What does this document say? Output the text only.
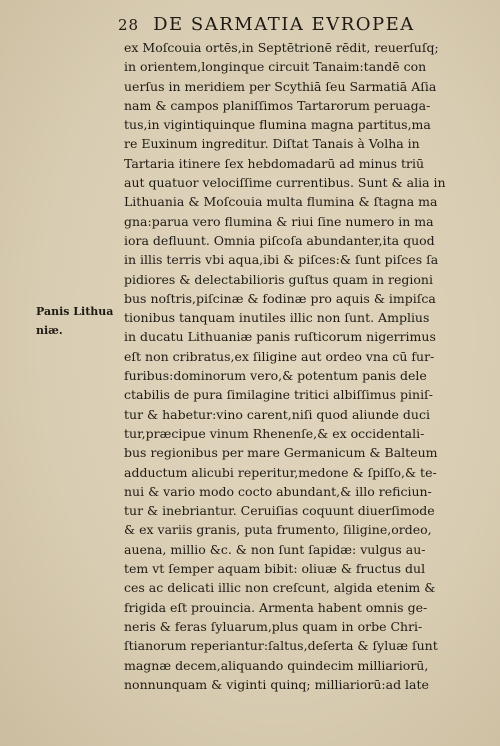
28 DE SARMATIA EVROPEA
Panis Lithua
niæ.
ex Moſcouia ortēs,in Septētrionē rēdit, reuerſuſq;
in orientem,longinque circuit Tanaim:tandē con
uerſus in meridiem per Scythiā ſeu Sarmatiā Aſia
nam & campos planiſſimos Tartarorum peruaga-
tus,in vigintiquinque flumina magna partitus,ma
re Euxinum ingreditur. Diſtat Tanais à Volha in
Tartaria itinere ſex hebdomadarū ad minus triū
aut quatuor velociſſime currentibus. Sunt & alia in
Lithuania & Moſcouia multa flumina & ſtagna ma
gna:parua vero flumina & riui ſine numero in ma
iora defluunt. Omnia piſcoſa abundanter,ita quod
in illis terris vbi aqua,ibi & piſces:& ſunt piſces ſa
pidiores & delectabilioris guſtus quam in regioni
bus noſtris,piſcinæ & fodinæ pro aquis & impiſca
tionibus tanquam inutiles illic non ſunt. Amplius
in ducatu Lithuaniæ panis ruſticorum nigerrimus
eſt non cribratus,ex ſiligine aut ordeo vna cū fur-
furibus:dominorum vero,& potentum panis dele
ctabilis de pura ſimilagine tritici albiſſimus piniſ-
tur & habetur:vino carent,niſi quod aliunde duci
tur,præcipue vinum Rhenenſe,& ex occidentali-
bus regionibus per mare Germanicum & Balteum
adductum alicubi reperitur,medone & ſpiſſo,& te-
nui & vario modo cocto abundant,& illo reficiun-
tur & inebriantur. Ceruiſias coquunt diuerſimode
& ex variis granis, puta frumento, ſiligine,ordeo,
auena, millio &c. & non ſunt ſapidæ: vulgus au-
tem vt ſemper aquam bibit: oliuæ & fructus dul
ces ac delicati illic non creſcunt, algida etenim &
frigida eſt prouincia. Armenta habent omnis ge-
neris & feras ſyluarum,plus quam in orbe Chri-
ſtianorum reperiantur:ſaltus,deſerta & ſyluæ ſunt
magnæ decem,aliquando quindecim milliariorū,
nonnunquam & viginti quinq; milliariorū:ad late
